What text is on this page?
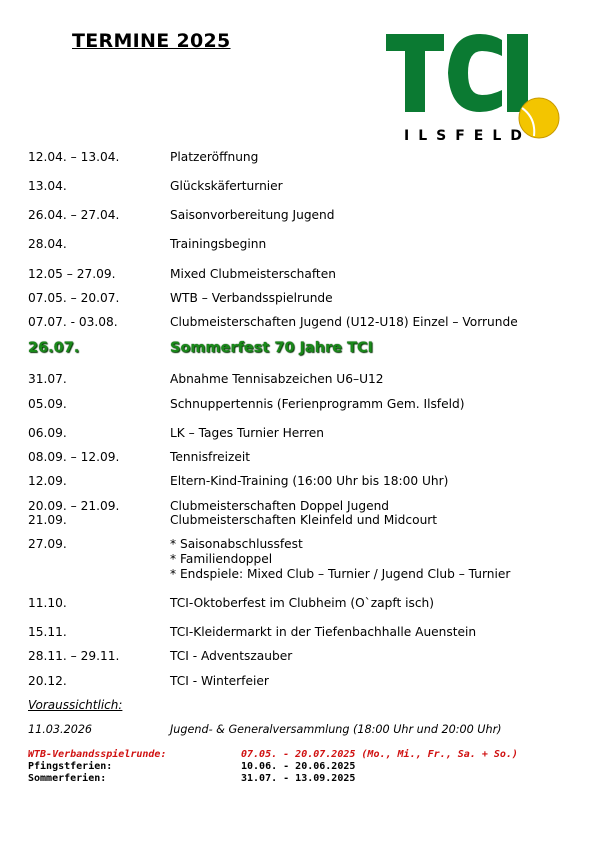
TERMINE 2025
ILSFELD
12.04. – 13.04.	Platzeröffnung
13.04.	Glückskäferturnier
26.04. – 27.04.	Saisonvorbereitung Jugend
28.04.	Trainingsbeginn
12.05 – 27.09.	Mixed Clubmeisterschaften
07.05. – 20.07.	WTB – Verbandsspielrunde
07.07. - 03.08.	Clubmeisterschaften Jugend (U12-U18) Einzel – Vorrunde
26.07.	Sommerfest 70 Jahre TCI
31.07.	Abnahme Tennisabzeichen U6–U12
05.09.	Schnuppertennis (Ferienprogramm Gem. Ilsfeld)
06.09.	LK – Tages Turnier Herren
08.09. – 12.09.	Tennisfreizeit
12.09.	Eltern-Kind-Training (16:00 Uhr bis 18:00 Uhr)
20.09. – 21.09.	Clubmeisterschaften Doppel Jugend
21.09.	Clubmeisterschaften Kleinfeld und Midcourt
27.09.	* Saisonabschlussfest
* Familiendoppel
* Endspiele: Mixed Club – Turnier / Jugend Club – Turnier
11.10.	TCI-Oktoberfest im Clubheim (O`zapft isch)
15.11.	TCI-Kleidermarkt in der Tiefenbachhalle Auenstein
28.11. – 29.11.	TCI - Adventszauber
20.12.	TCI - Winterfeier
Voraussichtlich:
11.03.2026	Jugend- & Generalversammlung (18:00 Uhr und 20:00 Uhr)
WTB-Verbandsspielrunde:	07.05. - 20.07.2025 (Mo., Mi., Fr., Sa. + So.)
Pfingstferien:	10.06. - 20.06.2025
Sommerferien:	31.07. - 13.09.2025
